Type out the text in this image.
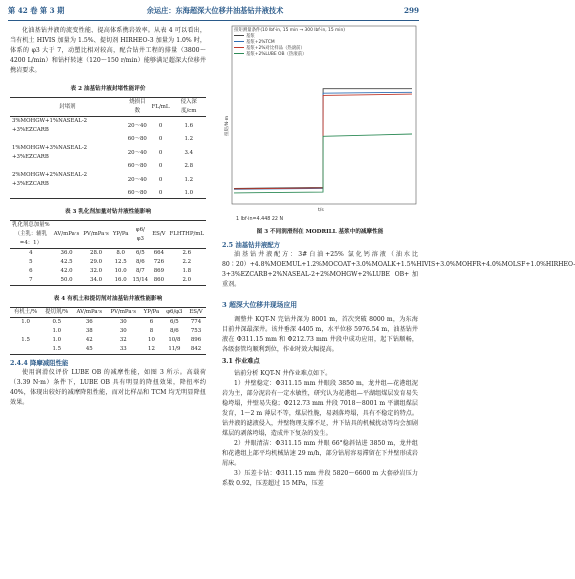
第 42 卷 第 3 期	余运庄：东海超深大位移井油基钻井液技术	299

化油基钻井液的流变性能、提高体系携岩效率。从表 4 可以看出，当有机土 HIVIS 加量为 1.5%、提切剂 HIRHEO-3 加量为 1.0% 时，体系的 φ3 大于 7，动塑比相对较高，配合钻井工程的排量（3800～4200 L/min）和钻杆转速（120～150 r/min）能够满足超深大位移井携岩要求。

表 2 油基钻井液封堵性能评价
封堵剂	烧损目数	FL/mL	侵入深度/cm
3%MOHGW+1%NASEAL-2 +3%EZCARB	20～40	0	1.6
	60～80	0	1.2
1%MOHGW+3%NASEAL-2 +3%EZCARB	20～40	0	3.4
	60～80	0	2.8
2%MOHGW+2%NASEAL-2 +3%EZCARB	20～40	0	1.2
	60～80	0	1.0
表 3 乳化剂加量对钻井液性能影响
乳化剂总加量%（主乳：辅乳=4：1）	AV/mPa·s	PV/mPa·s	YP/Pa	φ6/φ3	ES/V	FLHTHP/mL
4	36.0	28.0	8.0	6/5	664	2.6
5	42.5	29.0	12.5	8/6	726	2.2
6	42.0	32.0	10.0	8/7	869	1.8
7	50.0	34.0	16.0	15/14	860	2.0
表 4 有机土和提切剂对油基钻井液性能影响
有机土/%	提切剂/%	AV/mPa·s	PV/mPa·s	YP/Pa	φ6/φ3	ES/V
1.0	0.5	36	30	6	6/5	774
	1.0	38	30	8	8/6	753
1.5	1.0	42	32	10	10/8	896
	1.5	45	33	12	11/9	842
2.4.4 降摩减阻性能

使用润滑仪评价 LUBE OB 的减摩性能，如图 3 所示。高载荷（3.39 N·m）条件下，LUBE OB 具有明显的降扭效果，降扭率约 40%，体现出较好的减摩降阻性能，而对比样品和 TCM 均无明显降扭效果。

扭矩/N·m
t/s
1 lbf·in=4.448 22 N
扭矩测量条件(10 lbf·in, 15 min → 300 lbf·in, 15 min)
基浆
基浆+2%TCM
基浆+2%对比样品（热滚前）
基浆+2%LUBE OB（热滚前）
图 3 不同润滑剂在 MODRILL 基浆中的减摩性能
2.5 油基钻井液配方

油基钻井液配方：3#白油+25% 氯化钙溶液（油水比 80∶20）+4.8%MOEMUL+1.2%MOCOAT+3.0%MOALK+1.5%HIVIS+3.0%MOHFR+4.0%MOLSF+1.0%HIRHEO-3+3%EZCARB+2%NASEAL-2+2%MOHGW+2%LUBE OB+加重剂。

3 超深大位移井现场应用

调整井 KQT-N 完钻井深为 8001 m，首次突破 8000 m，为东海目前井深最深井。该井垂深 4405 m，水平位移 5976.54 m，油基钻井液在 Φ311.15 mm 和 Φ212.73 mm 井段中成功应用，起下钻顺畅，各级套管均顺利到位，作业时效大幅提高。

3.1 作业难点

钻前分析 KQT-N 井作业难点如下。

1）井壁稳定：Φ311.15 mm 井眼段 3850 m，龙井组—花港组泥岩为主，部分泥岩有一定水敏性，研究认为花港组—平湖组煤层发育易失稳垮塌，井壁易失稳；Φ212.73 mm 井段 7018～8001 m 平湖组煤层发育，1～2 m 薄层不等，煤层性脆，易剥落垮塌，具有不稳定的特点。钻井液的滤液侵入，井壁物理支撑不足，井下钻具的机械扰动等均会加剧煤层的剥落垮塌，造成井下复杂的发生。

2）井眼清洁：Φ311.15 mm 井眼 66°稳斜钻进 3850 m，龙井组和花港组上部平均机械钻速 29 m/h，部分钻屑容易滞留在下井壁形成岩屑床。

3）压差卡钻：Φ311.15 mm 井段 5820～6600 m 大套砂岩压力系数 0.92，压差超过 15 MPa，压差
